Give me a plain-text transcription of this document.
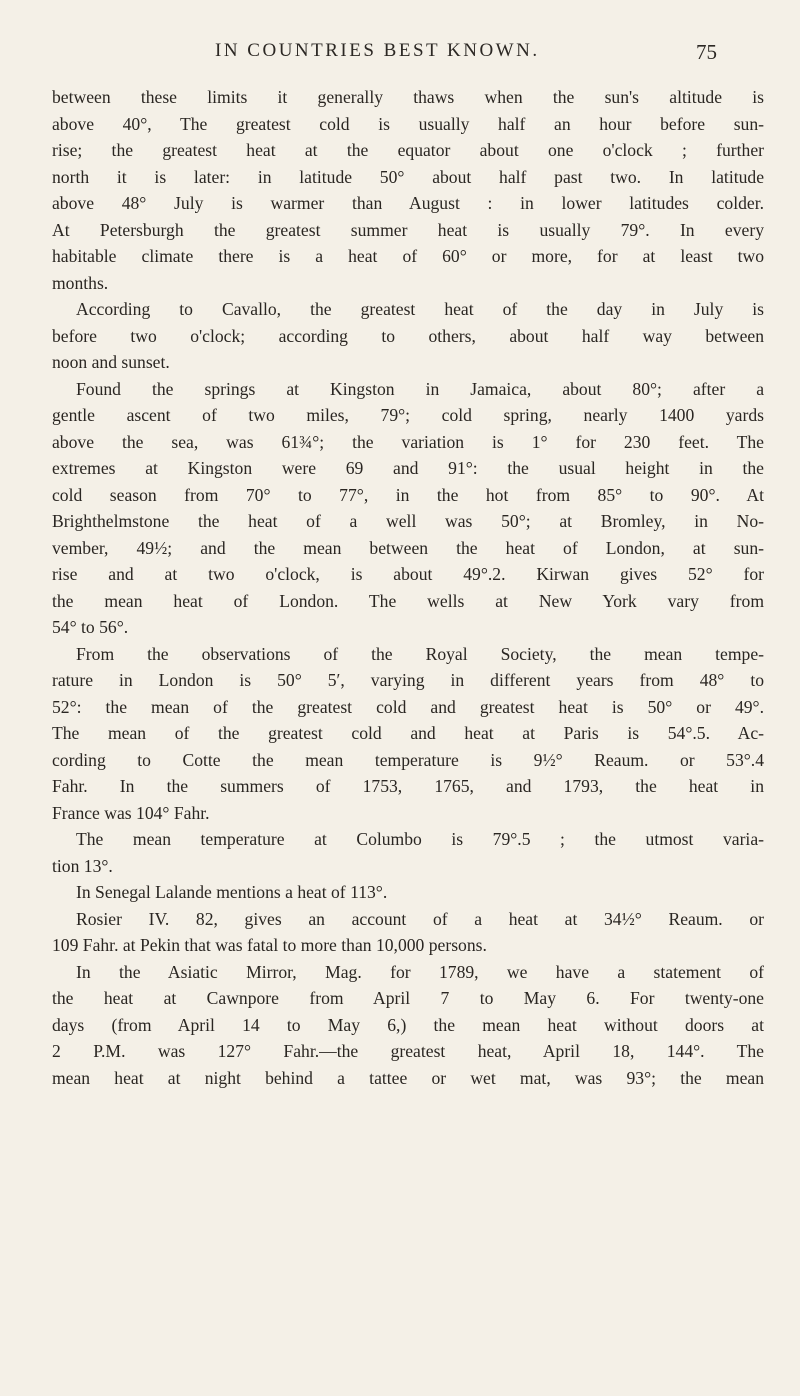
IN COUNTRIES BEST KNOWN.	75
between these limits it generally thaws when the sun's altitude is
above 40°, The greatest cold is usually half an hour before sun-
rise; the greatest heat at the equator about one o'clock ; further
north it is later: in latitude 50° about half past two. In latitude
above 48° July is warmer than August : in lower latitudes colder.
At Petersburgh the greatest summer heat is usually 79°. In every
habitable climate there is a heat of 60° or more, for at least two
months.
According to Cavallo, the greatest heat of the day in July is
before two o'clock; according to others, about half way between
noon and sunset.
Found the springs at Kingston in Jamaica, about 80°; after a
gentle ascent of two miles, 79°; cold spring, nearly 1400 yards
above the sea, was 61¾°; the variation is 1° for 230 feet. The
extremes at Kingston were 69 and 91°: the usual height in the
cold season from 70° to 77°, in the hot from 85° to 90°. At
Brighthelmstone the heat of a well was 50°; at Bromley, in No-
vember, 49½; and the mean between the heat of London, at sun-
rise and at two o'clock, is about 49°.2. Kirwan gives 52° for
the mean heat of London. The wells at New York vary from
54° to 56°.
From the observations of the Royal Society, the mean tempe-
rature in London is 50° 5′, varying in different years from 48° to
52°: the mean of the greatest cold and greatest heat is 50° or 49°.
The mean of the greatest cold and heat at Paris is 54°.5. Ac-
cording to Cotte the mean temperature is 9½° Reaum. or 53°.4
Fahr. In the summers of 1753, 1765, and 1793, the heat in
France was 104° Fahr.
The mean temperature at Columbo is 79°.5 ; the utmost varia-
tion 13°.
In Senegal Lalande mentions a heat of 113°.
Rosier IV. 82, gives an account of a heat at 34½° Reaum. or
109 Fahr. at Pekin that was fatal to more than 10,000 persons.
In the Asiatic Mirror, Mag. for 1789, we have a statement of
the heat at Cawnpore from April 7 to May 6. For twenty-one
days (from April 14 to May 6,) the mean heat without doors at
2 P.M. was 127° Fahr.—the greatest heat, April 18, 144°. The
mean heat at night behind a tattee or wet mat, was 93°; the mean
